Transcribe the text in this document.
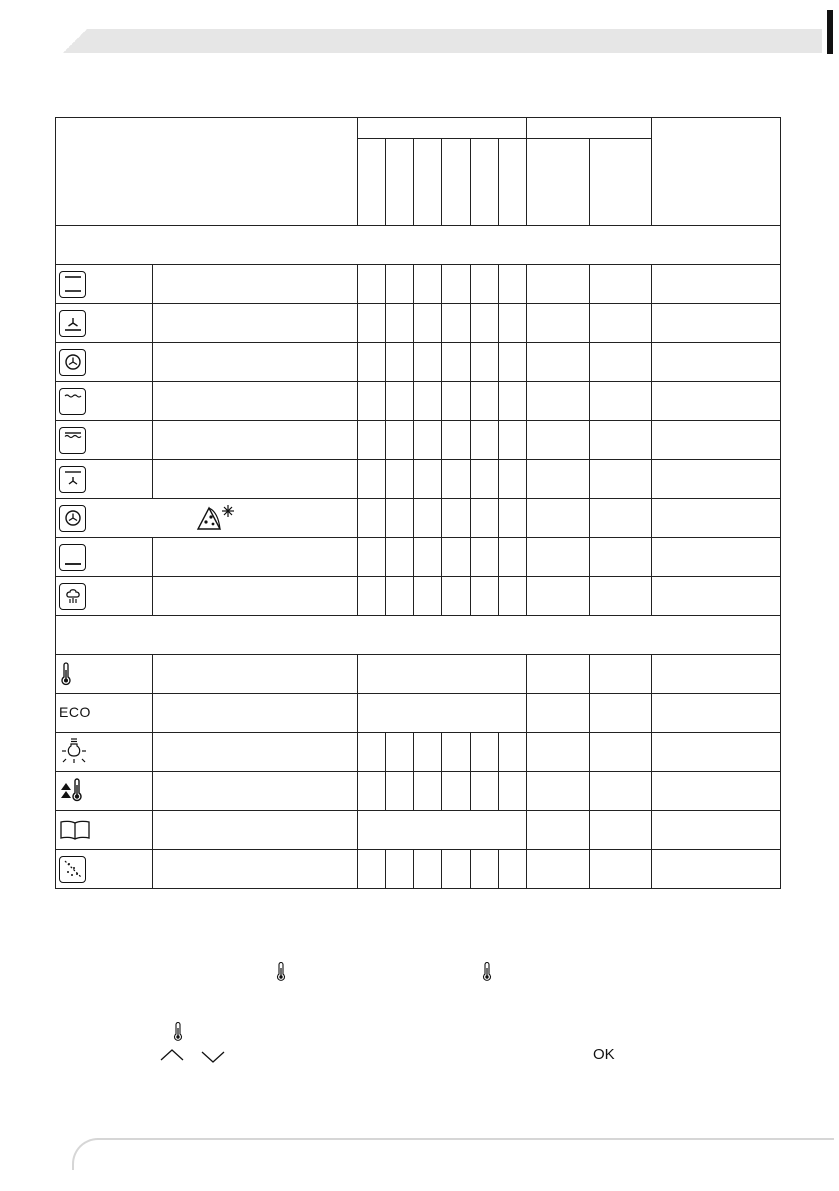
ECO										

OK
